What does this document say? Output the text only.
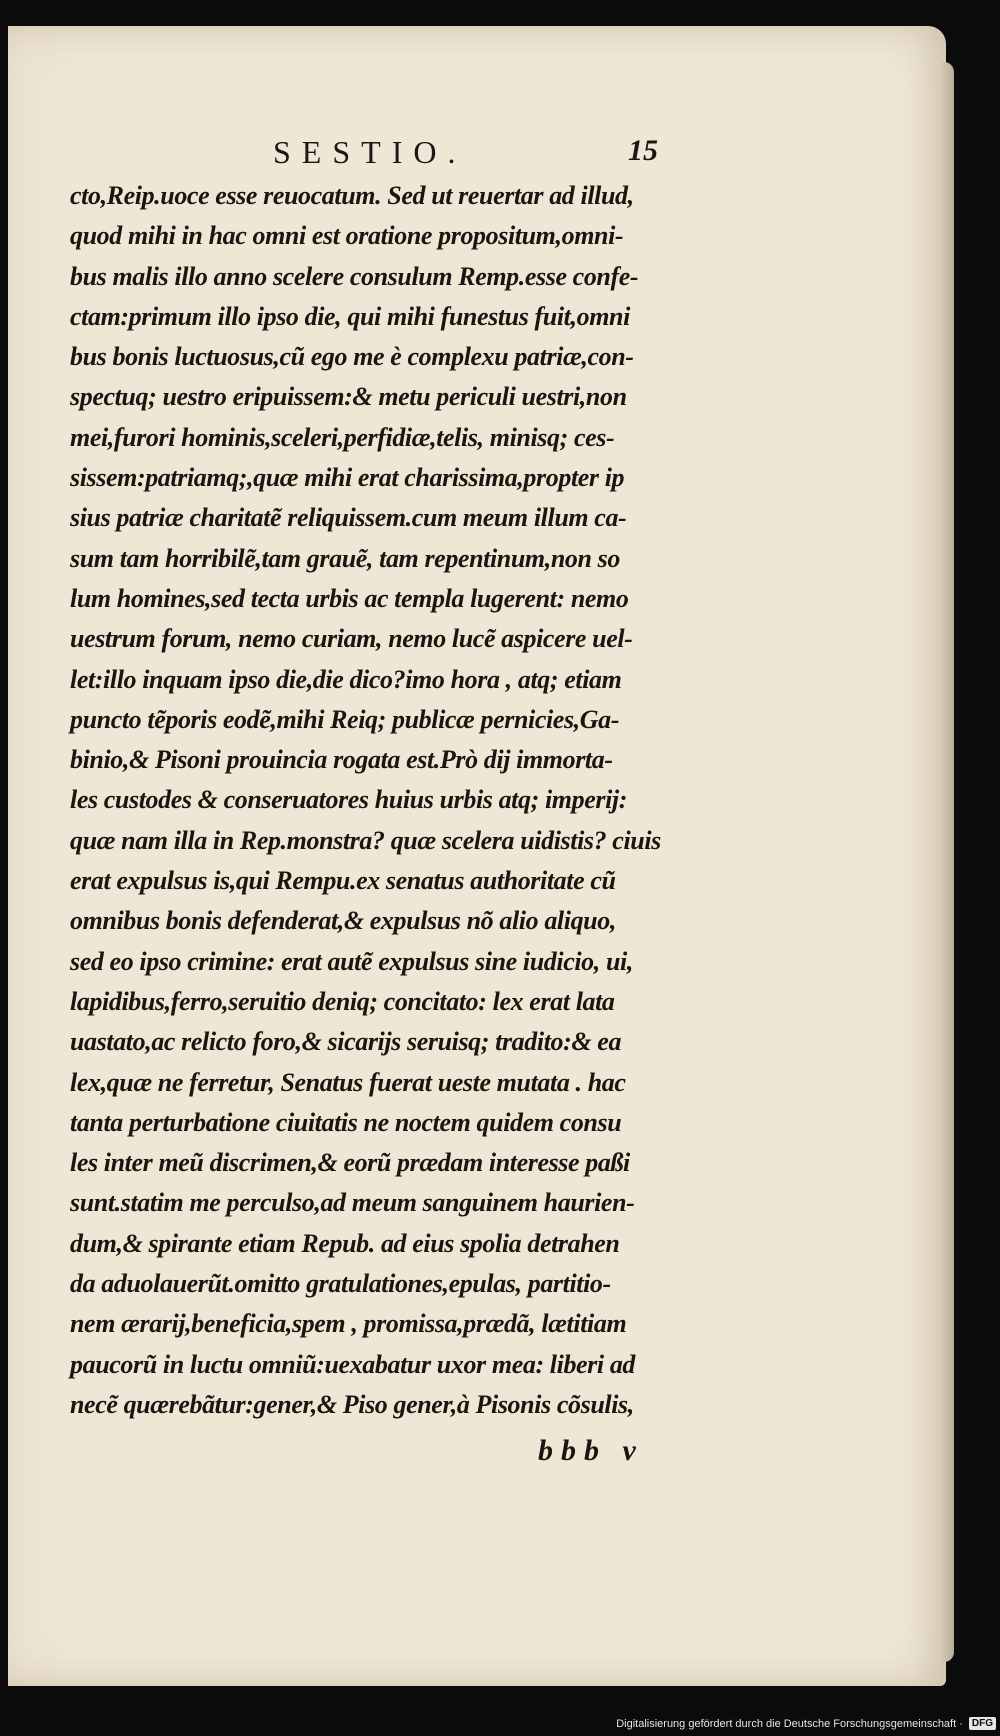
SESTIO.	15
cto,Reip.uoce esse reuocatum. Sed ut reuertar ad illud,
quod mihi in hac omni est oratione propositum,omni-
bus malis illo anno scelere consulum Remp.esse confe-
ctam:primum illo ipso die, qui mihi funestus fuit,omni
bus bonis luctuosus,cũ ego me è complexu patriæ,con-
spectuq; uestro eripuissem:& metu periculi uestri,non
mei,furori hominis,sceleri,perfidiæ,telis, minisq; ces-
sissem:patriamq;,quæ mihi erat charissima,propter ip
sius patriæ charitatẽ reliquissem.cum meum illum ca-
sum tam horribilẽ,tam grauẽ, tam repentinum,non so
lum homines,sed tecta urbis ac templa lugerent: nemo
uestrum forum, nemo curiam, nemo lucẽ aspicere uel-
let:illo inquam ipso die,die dico?imo hora , atq; etiam
puncto tẽporis eodẽ,mihi Reiq; publicæ pernicies,Ga-
binio,& Pisoni prouincia rogata est.Prò dij immorta-
les custodes & conseruatores huius urbis atq; imperij:
quæ nam illa in Rep.monstra? quæ scelera uidistis? ciuis
erat expulsus is,qui Rempu.ex senatus authoritate cũ
omnibus bonis defenderat,& expulsus nõ alio aliquo,
sed eo ipso crimine: erat autẽ expulsus sine iudicio, ui,
lapidibus,ferro,seruitio deniq; concitato: lex erat lata
uastato,ac relicto foro,& sicarijs seruisq; tradito:& ea
lex,quæ ne ferretur, Senatus fuerat ueste mutata . hac
tanta perturbatione ciuitatis ne noctem quidem consu
les inter meũ discrimen,& eorũ prædam interesse paßi
sunt.statim me perculso,ad meum sanguinem haurien-
dum,& spirante etiam Repub. ad eius spolia detrahen
da aduolauerũt.omitto gratulationes,epulas, partitio-
nem ærarij,beneficia,spem , promissa,prædã, lætitiam
paucorũ in luctu omniũ:uexabatur uxor mea: liberi ad
necẽ quærebãtur:gener,& Piso gener,à Pisonis cõsulis,
bbb v
Digitalisierung gefördert durch die Deutsche Forschungsgemeinschaft · DFG
